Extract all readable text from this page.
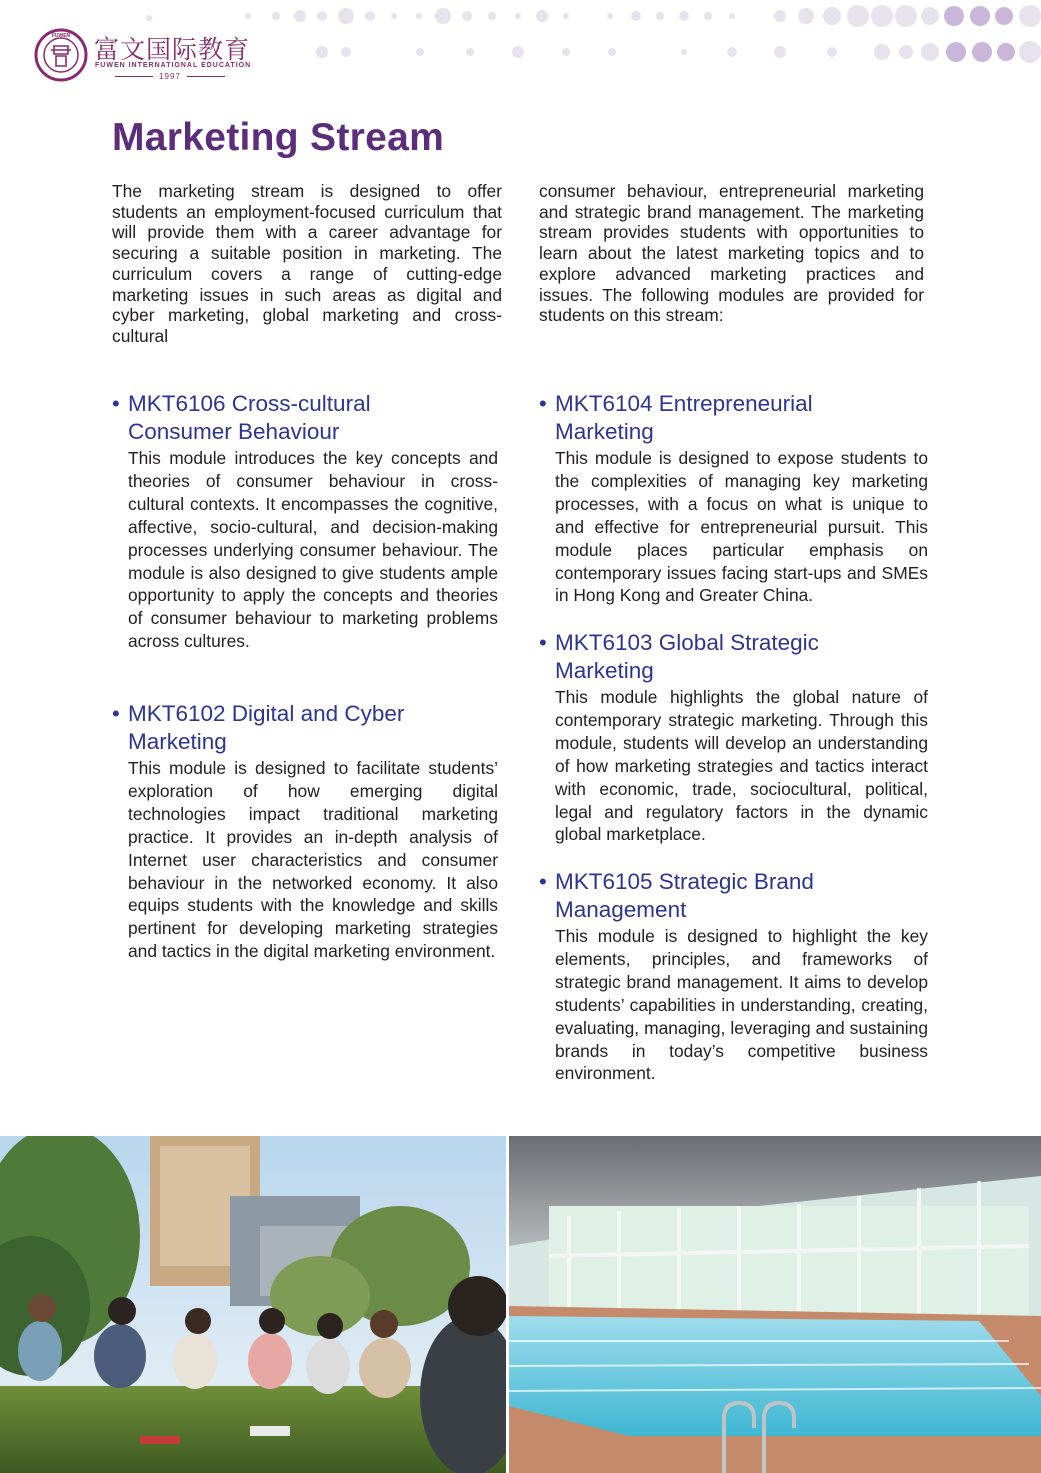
FUWEN 富文国际教育
FUWEN INTERNATIONAL EDUCATION
1997
Marketing Stream

The marketing stream is designed to offer students an employment-focused curriculum that will provide them with a career advantage for securing a suitable position in marketing. The curriculum covers a range of cutting-edge marketing issues in such areas as digital and cyber marketing, global marketing and cross-cultural

consumer behaviour, entrepreneurial marketing and strategic brand management. The marketing stream provides students with opportunities to learn about the latest marketing topics and to explore advanced marketing practices and issues. The following modules are provided for students on this stream:

• MKT6106 Cross-cultural
Consumer Behaviour
This module introduces the key concepts and theories of consumer behaviour in cross-cultural contexts. It encompasses the cognitive, affective, socio-cultural, and decision-making processes underlying consumer behaviour. The module is also designed to give students ample opportunity to apply the concepts and theories of consumer behaviour to marketing problems across cultures.
• MKT6102 Digital and Cyber
Marketing
This module is designed to facilitate students’ exploration of how emerging digital technologies impact traditional marketing practice. It provides an in-depth analysis of Internet user characteristics and consumer behaviour in the networked economy. It also equips students with the knowledge and skills pertinent for developing marketing strategies and tactics in the digital marketing environment.
• MKT6104 Entrepreneurial
Marketing
This module is designed to expose students to the complexities of managing key marketing processes, with a focus on what is unique to and effective for entrepreneurial pursuit. This module places particular emphasis on contemporary issues facing start-ups and SMEs in Hong Kong and Greater China.
• MKT6103 Global Strategic
Marketing
This module highlights the global nature of contemporary strategic marketing. Through this module, students will develop an understanding of how marketing strategies and tactics interact with economic, trade, sociocultural, political, legal and regulatory factors in the dynamic global marketplace.
• MKT6105 Strategic Brand
Management
This module is designed to highlight the key elements, principles, and frameworks of strategic brand management. It aims to develop students’ capabilities in understanding, creating, evaluating, managing, leveraging and sustaining brands in today’s competitive business environment.
